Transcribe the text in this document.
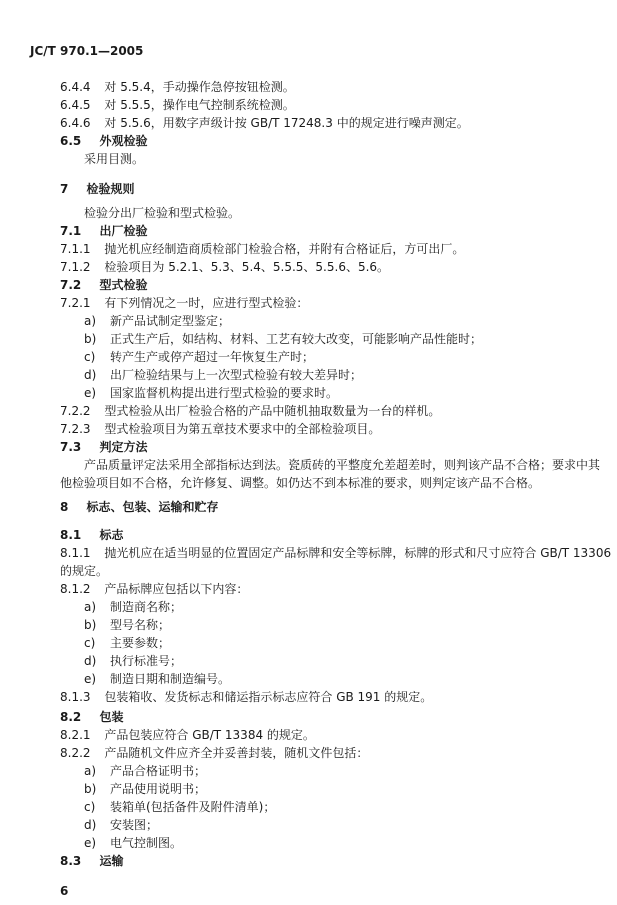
JC/T 970.1—2005
6.4.4 对 5.5.4，手动操作急停按钮检测。
6.4.5 对 5.5.5，操作电气控制系统检测。
6.4.6 对 5.5.6，用数字声级计按 GB/T 17248.3 中的规定进行噪声测定。
6.5 外观检验
采用目测。
7 检验规则
检验分出厂检验和型式检验。
7.1 出厂检验
7.1.1 抛光机应经制造商质检部门检验合格，并附有合格证后，方可出厂。
7.1.2 检验项目为 5.2.1、5.3、5.4、5.5.5、5.5.6、5.6。
7.2 型式检验
7.2.1 有下列情况之一时，应进行型式检验：
a) 新产品试制定型鉴定；
b) 正式生产后，如结构、材料、工艺有较大改变，可能影响产品性能时；
c) 转产生产或停产超过一年恢复生产时；
d) 出厂检验结果与上一次型式检验有较大差异时；
e) 国家监督机构提出进行型式检验的要求时。
7.2.2 型式检验从出厂检验合格的产品中随机抽取数量为一台的样机。
7.2.3 型式检验项目为第五章技术要求中的全部检验项目。
7.3 判定方法
产品质量评定法采用全部指标达到法。瓷质砖的平整度允差超差时，则判该产品不合格；要求中其
他检验项目如不合格，允许修复、调整。如仍达不到本标准的要求，则判定该产品不合格。
8 标志、包装、运输和贮存
8.1 标志
8.1.1 抛光机应在适当明显的位置固定产品标牌和安全等标牌，标牌的形式和尺寸应符合 GB/T 13306
的规定。
8.1.2 产品标牌应包括以下内容：
a) 制造商名称；
b) 型号名称；
c) 主要参数；
d) 执行标准号；
e) 制造日期和制造编号。
8.1.3 包装箱收、发货标志和储运指示标志应符合 GB 191 的规定。
8.2 包装
8.2.1 产品包装应符合 GB/T 13384 的规定。
8.2.2 产品随机文件应齐全并妥善封装，随机文件包括：
a) 产品合格证明书；
b) 产品使用说明书；
c) 装箱单(包括备件及附件清单)；
d) 安装图；
e) 电气控制图。
8.3 运输
6
